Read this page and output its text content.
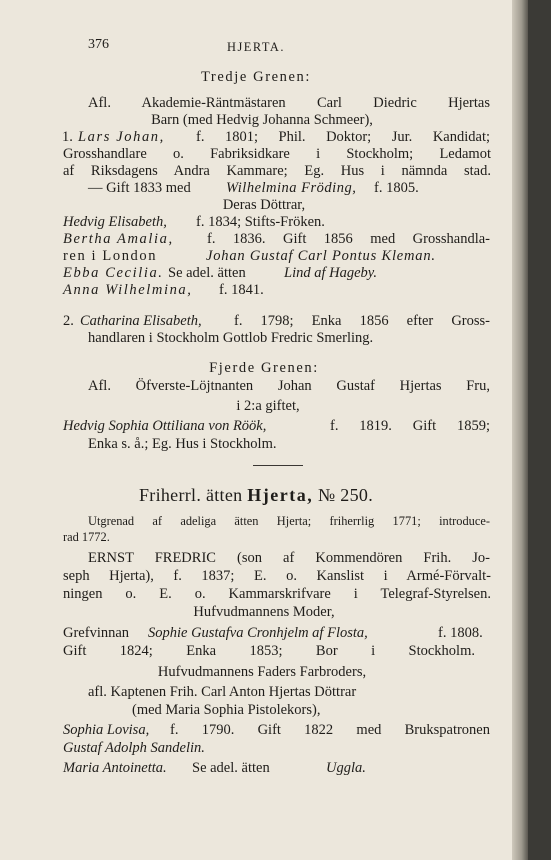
376	HJERTA.
Tredje Grenen:
Afl. Akademie-Räntmästaren Carl Diedric Hjertas
Barn (med Hedvig Johanna Schmeer),
1. Lars Johan, f. 1801; Phil. Doktor; Jur. Kandidat;
Grosshandlare o. Fabriksidkare i Stockholm; Ledamot
af Riksdagens Andra Kammare; Eg. Hus i nämnda stad.
— Gift 1833 med Wilhelmina Fröding, f. 1805.
Deras Döttrar,
Hedvig Elisabeth, f. 1834; Stifts-Fröken.
Bertha Amalia, f. 1836. Gift 1856 med Grosshandla-
ren i London	Johan Gustaf Carl Pontus Kleman.
Ebba Cecilia. Se adel. ätten	Lind af Hageby.
Anna Wilhelmina, f. 1841.
2. Catharina Elisabeth, f. 1798; Enka 1856 efter Gross-
handlaren i Stockholm Gottlob Fredric Smerling.
Fjerde Grenen:
Afl. Öfverste-Löjtnanten Johan Gustaf Hjertas Fru,
i 2:a giftet,
Hedvig Sophia Ottiliana von Röök,	f. 1819. Gift 1859;
Enka s. å.; Eg. Hus i Stockholm.
Friherrl. ätten Hjerta, № 250.
Utgrenad af adeliga ätten Hjerta; friherrlig 1771; introduce-
rad 1772.
ERNST FREDRIC (son af Kommendören Frih. Jo-
seph Hjerta), f. 1837; E. o. Kanslist i Armé-Förvalt-
ningen o. E. o. Kammarskrifvare i Telegraf-Styrelsen.
Hufvudmannens Moder,
Grefvinnan Sophie Gustafva Cronhjelm af Flosta,	f. 1808.
Gift 1824; Enka 1853; Bor i Stockholm.
Hufvudmannens Faders Farbroders,
afl. Kaptenen Frih. Carl Anton Hjertas Döttrar
(med Maria Sophia Pistolekors),
Sophia Lovisa, f. 1790. Gift 1822 med Brukspatronen
Gustaf Adolph Sandelin.
Maria Antoinetta. Se adel. ätten	Uggla.
